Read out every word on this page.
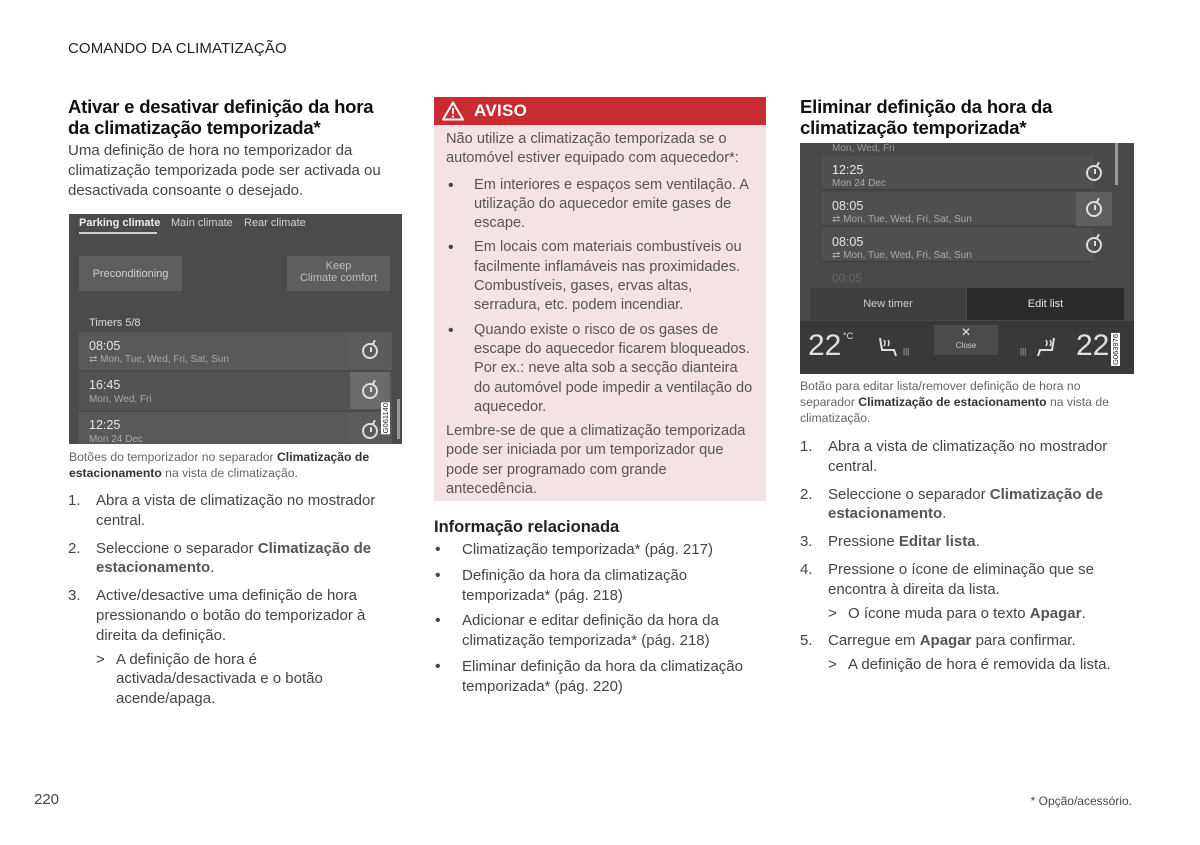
COMANDO DA CLIMATIZAÇÃO
Ativar e desativar definição da hora da climatização temporizada*

Uma definição de hora no temporizador da climatização temporizada pode ser activada ou desactivada consoante o desejado.

Parking climate Main climate Rear climate
Preconditioning
Keep
Climate comfort
Timers 5/8
08:05
⇄ Mon, Tue, Wed, Fri, Sat, Sun
16:45
Mon, Wed, Fri
12:25
Mon 24 Dec
G061140

Botões do temporizador no separador Climatização de estacionamento na vista de climatização.

1. Abra a vista de climatização no mostrador central.
2. Seleccione o separador Climatização de estacionamento.
3. Active/desactive uma definição de hora pressionando o botão do temporizador à direita da definição.
> A definição de hora é activada/desactivada e o botão acende/apaga.
AVISO

Não utilize a climatização temporizada se o automóvel estiver equipado com aquecedor*:

• Em interiores e espaços sem ventilação. A utilização do aquecedor emite gases de escape.
• Em locais com materiais combustíveis ou facilmente inflamáveis nas proximidades. Combustíveis, gases, ervas altas, serradura, etc. podem incendiar.
• Quando existe o risco de os gases de escape do aquecedor ficarem bloqueados. Por ex.: neve alta sob a secção dianteira do automóvel pode impedir a ventilação do aquecedor.

Lembre-se de que a climatização temporizada pode ser iniciada por um temporizador que pode ser programado com grande antecedência.

Informação relacionada
• Climatização temporizada* (pág. 217)
• Definição da hora da climatização temporizada* (pág. 218)
• Adicionar e editar definição da hora da climatização temporizada* (pág. 218)
• Eliminar definição da hora da climatização temporizada* (pág. 220)
Eliminar definição da hora da climatização temporizada*
Mon, Wed, Fri
12:25
Mon 24 Dec
08:05
⇄ Mon, Tue, Wed, Fri, Sat, Sun
08:05
⇄ Mon, Tue, Wed, Fri, Sat, Sun
00:05
New timer	Edit list
22 °C
|||
×
Close
||| 22 G063976

Botão para editar lista/remover definição de hora no separador Climatização de estacionamento na vista de climatização.

1. Abra a vista de climatização no mostrador central.
2. Seleccione o separador Climatização de estacionamento.
3. Pressione Editar lista.
4. Pressione o ícone de eliminação que se encontra à direita da lista.
> O ícone muda para o texto Apagar.
5. Carregue em Apagar para confirmar.
> A definição de hora é removida da lista.
220	* Opção/acessório.
